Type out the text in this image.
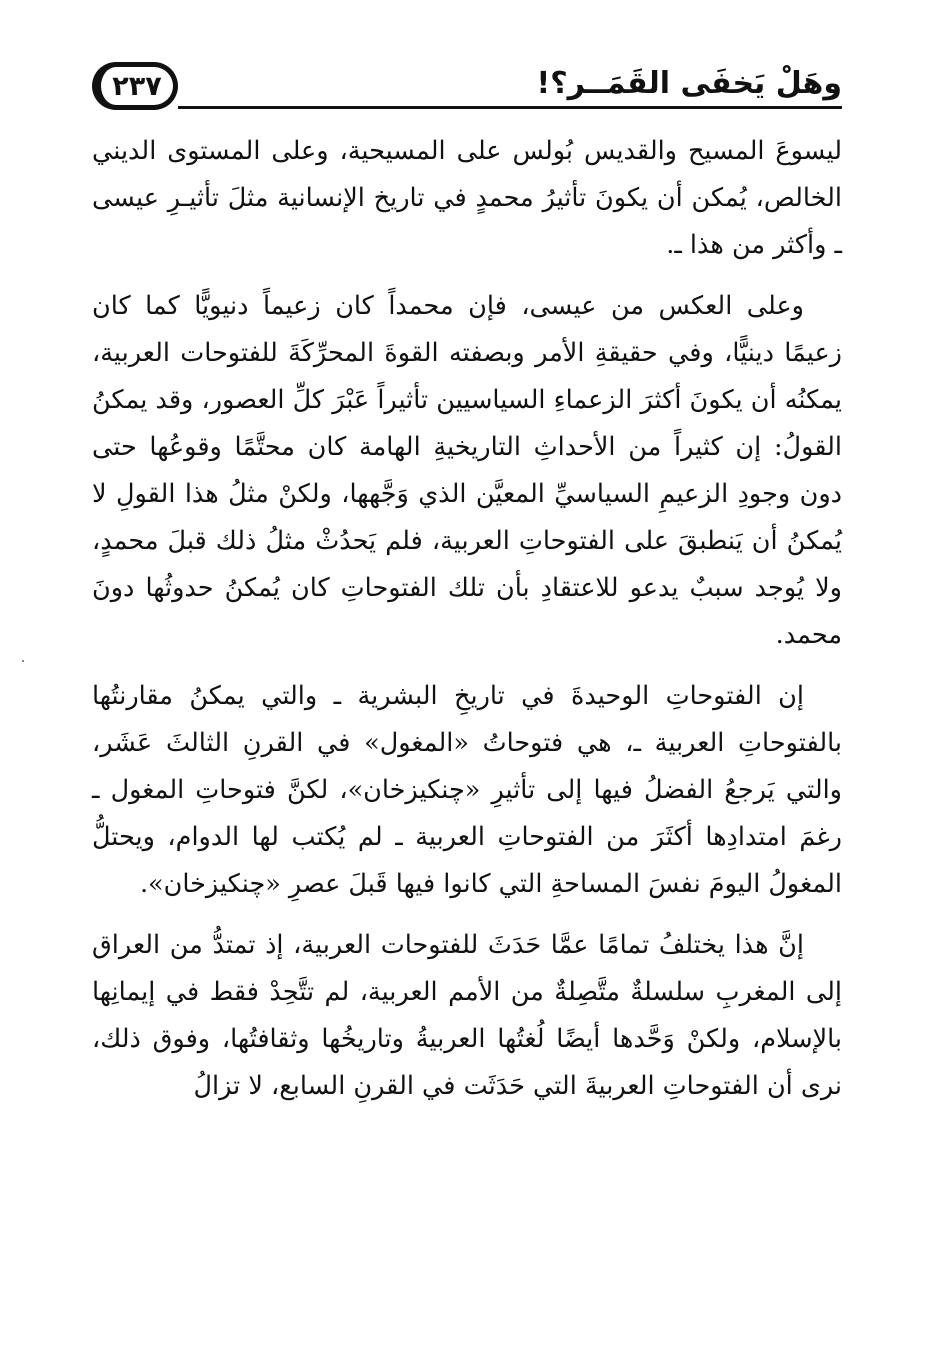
٢٣٧	وهَلْ يَخفَى القَمَــر؟!

ليسوعَ المسيح والقديس بُولس على المسيحية، وعلى المستوى الديني الخالص، يُمكن أن يكونَ تأثيرُ محمدٍ في تاريخ الإنسانية مثلَ تأثيـرِ عيسى ـ وأكثر من هذا ـ.

وعلى العكس من عيسى، فإن محمداً كان زعيماً دنيويًّا كما كان زعيمًا دينيًّا، وفي حقيقةِ الأمر وبصفته القوةَ المحرِّكَةَ للفتوحات العربية، يمكنُه أن يكونَ أكثرَ الزعماءِ السياسيين تأثيراً عَبْرَ كلِّ العصور، وقد يمكنُ القولُ: إن كثيراً من الأحداثِ التاريخيةِ الهامة كان محتَّمًا وقوعُها حتى دون وجودِ الزعيمِ السياسيِّ المعيَّن الذي وَجَّهها، ولكنْ مثلُ هذا القولِ لا يُمكنُ أن يَنطبقَ على الفتوحاتِ العربية، فلم يَحدُثْ مثلُ ذلك قبلَ محمدٍ، ولا يُوجد سببٌ يدعو للاعتقادِ بأن تلك الفتوحاتِ كان يُمكنُ حدوثُها دونَ محمد.

إن الفتوحاتِ الوحيدةَ في تاريخِ البشرية ـ والتي يمكنُ مقارنتُها بالفتوحاتِ العربية ـ، هي فتوحاتُ «المغول» في القرنِ الثالثَ عَشَر، والتي يَرجعُ الفضلُ فيها إلى تأثيرِ «چنكيزخان»، لكنَّ فتوحاتِ المغول ـ رغمَ امتدادِها أكثَرَ من الفتوحاتِ العربية ـ لم يُكتب لها الدوام، ويحتلُّ المغولُ اليومَ نفسَ المساحةِ التي كانوا فيها قَبلَ عصرِ «چنكيزخان».

إنَّ هذا يختلفُ تمامًا عمَّا حَدَثَ للفتوحات العربية، إذ تمتدُّ من العراق إلى المغربِ سلسلةٌ متَّصِلةٌ من الأمم العربية، لم تتَّحِدْ فقط في إيمانِها بالإسلام، ولكنْ وَحَّدها أيضًا لُغتُها العربيةُ وتاريخُها وثقافتُها، وفوق ذلك، نرى أن الفتوحاتِ العربيةَ التي حَدَثَت في القرنِ السابع، لا تزالُ
